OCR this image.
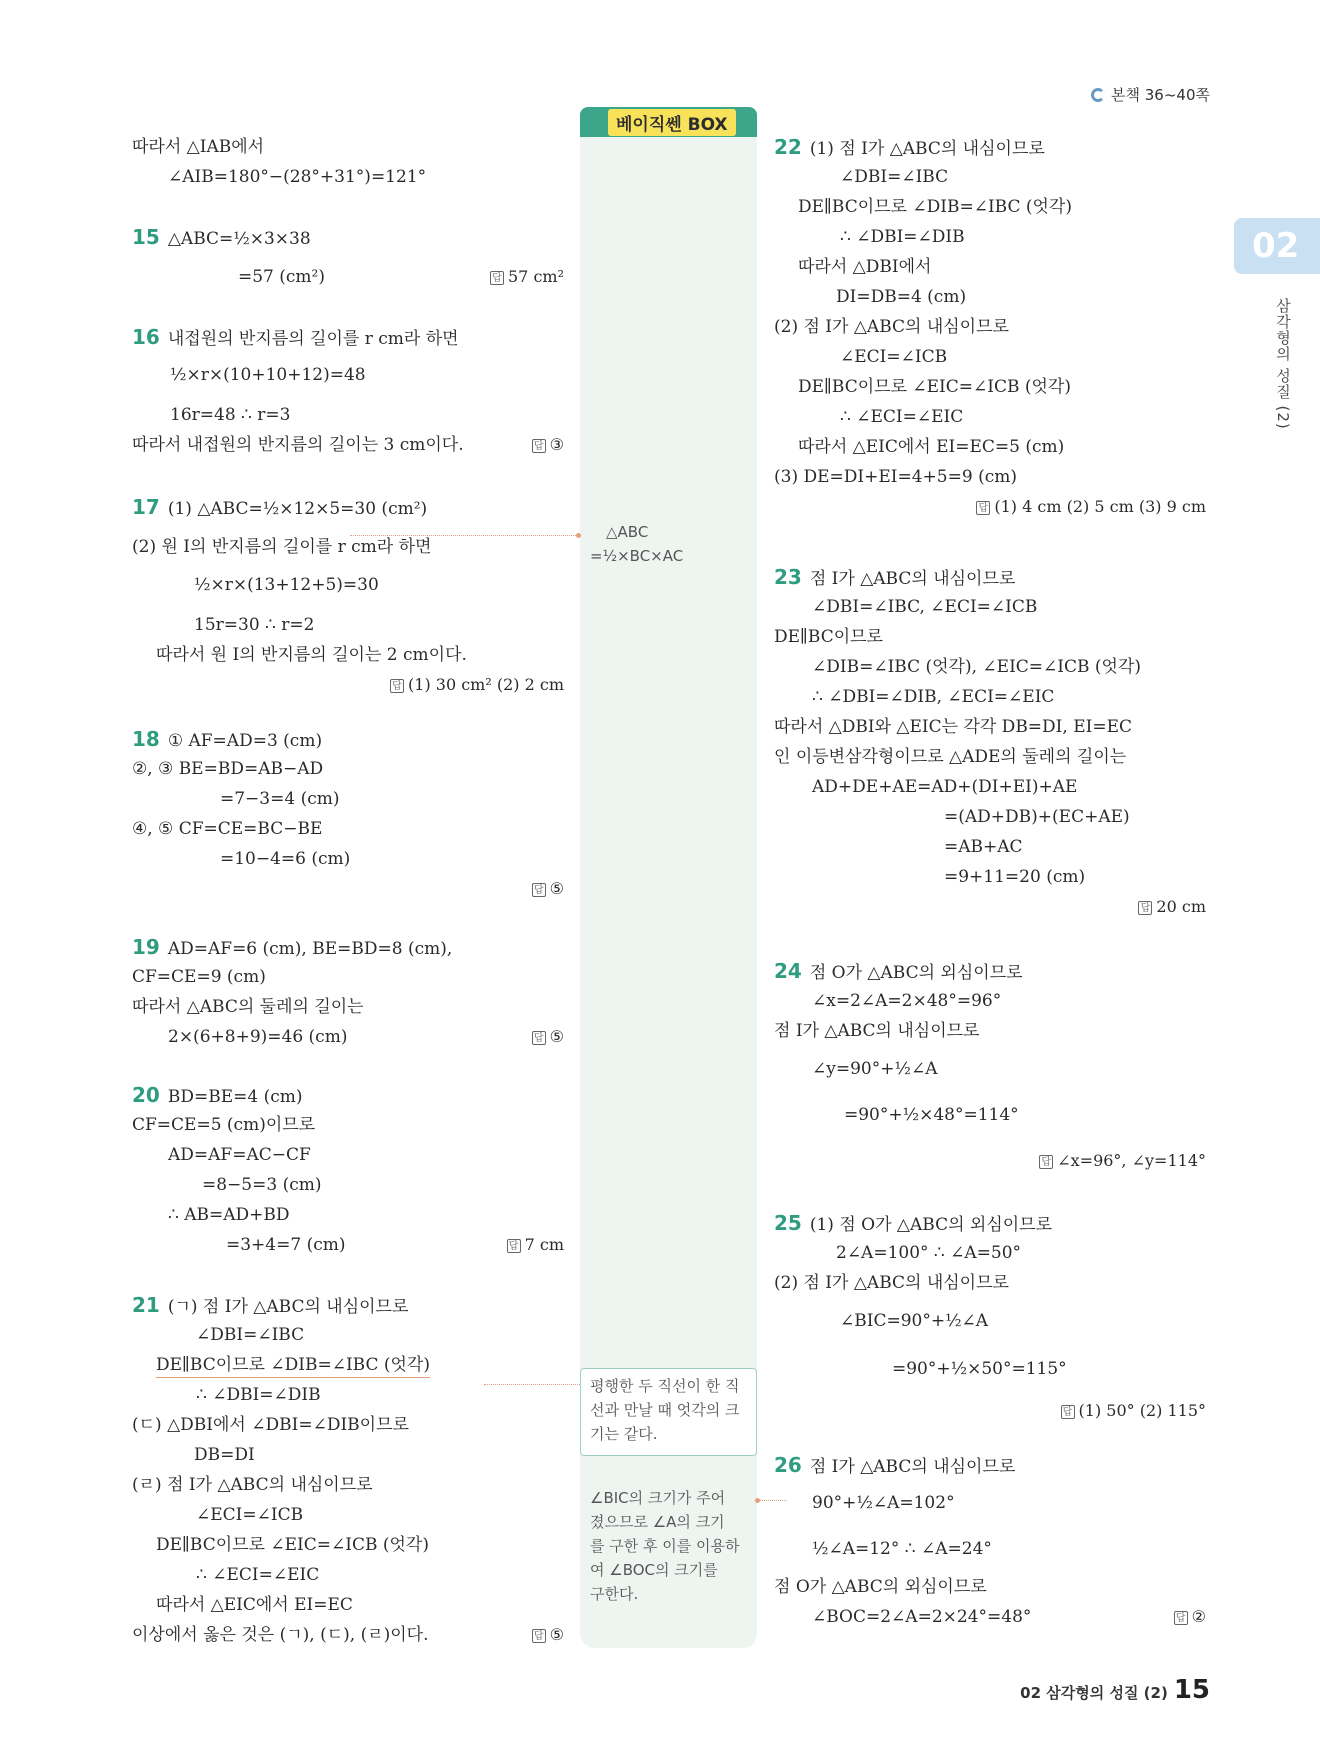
본책 36~40쪽
02
삼각형의 성질 (2)
베이직쎈 BOX
△ABC
=½×BC×AC
평행한 두 직선이 한 직
선과 만날 때 엇각의 크
기는 같다.
∠BIC의 크기가 주어
졌으므로 ∠A의 크기
를 구한 후 이를 이용하
여 ∠BOC의 크기를
구한다.
따라서 △IAB에서
∠AIB=180°−(28°+31°)=121°
15 △ABC=½×3×38
=57 (cm²)
16 내접원의 반지름의 길이를 r cm라 하면
½×r×(10+10+12)=48
16r=48 ∴ r=3
따라서 내접원의 반지름의 길이는 3 cm이다.
17 (1) △ABC=½×12×5=30 (cm²)
(2) 원 I의 반지름의 길이를 r cm라 하면
½×r×(13+12+5)=30
15r=30 ∴ r=2
따라서 원 I의 반지름의 길이는 2 cm이다.
18 ① AF=AD=3 (cm)
②, ③ BE=BD=AB−AD
=7−3=4 (cm)
④, ⑤ CF=CE=BC−BE
=10−4=6 (cm)
19 AD=AF=6 (cm), BE=BD=8 (cm),
CF=CE=9 (cm)
따라서 △ABC의 둘레의 길이는
2×(6+8+9)=46 (cm)
20 BD=BE=4 (cm)
CF=CE=5 (cm)이므로
AD=AF=AC−CF
=8−5=3 (cm)
∴ AB=AD+BD
=3+4=7 (cm)
21 (ㄱ) 점 I가 △ABC의 내심이므로
∠DBI=∠IBC
DE∥BC이므로 ∠DIB=∠IBC (엇각)
∴ ∠DBI=∠DIB
(ㄷ) △DBI에서 ∠DBI=∠DIB이므로
DB=DI
(ㄹ) 점 I가 △ABC의 내심이므로
∠ECI=∠ICB
DE∥BC이므로 ∠EIC=∠ICB (엇각)
∴ ∠ECI=∠EIC
따라서 △EIC에서 EI=EC
이상에서 옳은 것은 (ㄱ), (ㄷ), (ㄹ)이다.
답 57 cm²
답 ③
답 (1) 30 cm² (2) 2 cm
답 ⑤
답 ⑤
답 7 cm
답 ⑤
22 (1) 점 I가 △ABC의 내심이므로
∠DBI=∠IBC
DE∥BC이므로 ∠DIB=∠IBC (엇각)
∴ ∠DBI=∠DIB
따라서 △DBI에서
DI=DB=4 (cm)
(2) 점 I가 △ABC의 내심이므로
∠ECI=∠ICB
DE∥BC이므로 ∠EIC=∠ICB (엇각)
∴ ∠ECI=∠EIC
따라서 △EIC에서 EI=EC=5 (cm)
(3) DE=DI+EI=4+5=9 (cm)
23 점 I가 △ABC의 내심이므로
∠DBI=∠IBC, ∠ECI=∠ICB
DE∥BC이므로
∠DIB=∠IBC (엇각), ∠EIC=∠ICB (엇각)
∴ ∠DBI=∠DIB, ∠ECI=∠EIC
따라서 △DBI와 △EIC는 각각 DB=DI, EI=EC
인 이등변삼각형이므로 △ADE의 둘레의 길이는
AD+DE+AE=AD+(DI+EI)+AE
=(AD+DB)+(EC+AE)
=AB+AC
=9+11=20 (cm)
24 점 O가 △ABC의 외심이므로
∠x=2∠A=2×48°=96°
점 I가 △ABC의 내심이므로
∠y=90°+½∠A
=90°+½×48°=114°
25 (1) 점 O가 △ABC의 외심이므로
2∠A=100° ∴ ∠A=50°
(2) 점 I가 △ABC의 내심이므로
∠BIC=90°+½∠A
=90°+½×50°=115°
26 점 I가 △ABC의 내심이므로
90°+½∠A=102°
½∠A=12° ∴ ∠A=24°
점 O가 △ABC의 외심이므로
∠BOC=2∠A=2×24°=48°
답 (1) 4 cm (2) 5 cm (3) 9 cm
답 20 cm
답 ∠x=96°, ∠y=114°
답 (1) 50° (2) 115°
답 ②
02 삼각형의 성질 (2) 15
